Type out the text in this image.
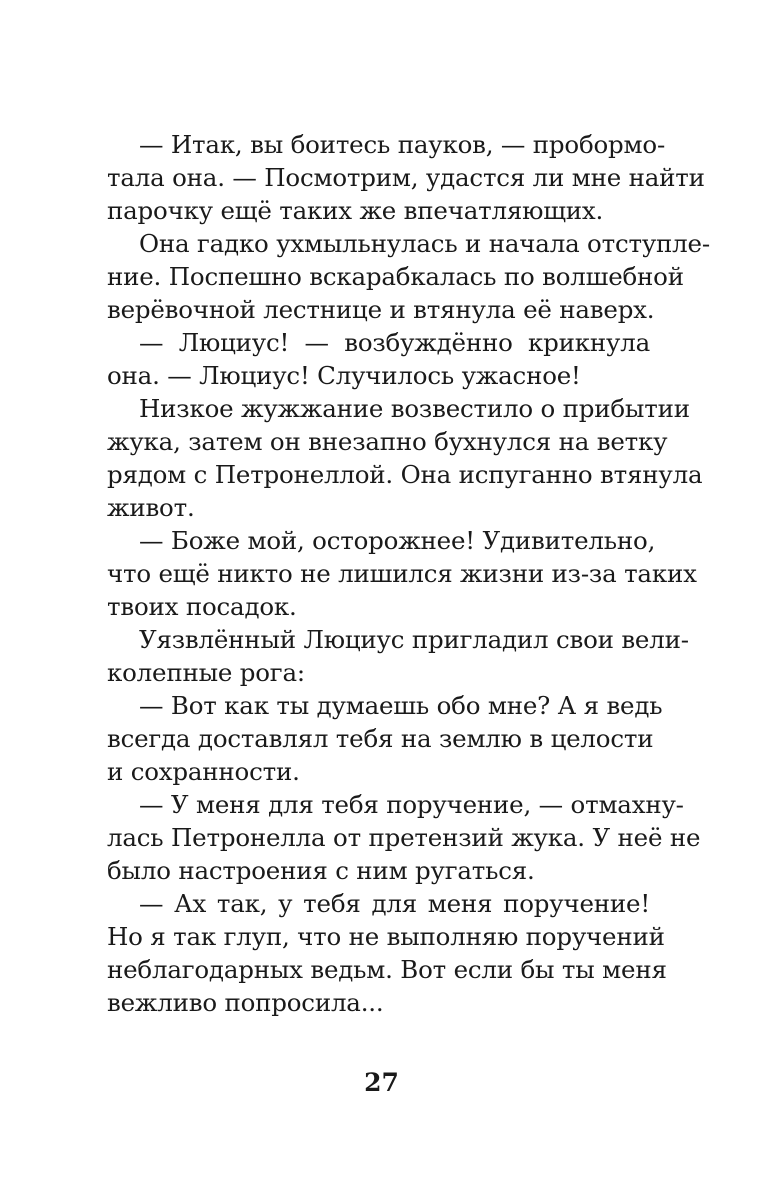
— Итак, вы боитесь пауков, — пробормо-
тала она. — Посмотрим, удастся ли мне найти
парочку ещё таких же впечатляющих.
Она гадко ухмыльнулась и начала отступле-
ние. Поспешно вскарабкалась по волшебной
верёвочной лестнице и втянула её наверх.
— Люциус! — возбуждённо крикнула
она. — Люциус! Случилось ужасное!
Низкое жужжание возвестило о прибытии
жука, затем он внезапно бухнулся на ветку
рядом с Петронеллой. Она испуганно втянула
живот.
— Боже мой, осторожнее! Удивительно,
что ещё никто не лишился жизни из-за таких
твоих посадок.
Уязвлённый Люциус пригладил свои вели-
колепные рога:
— Вот как ты думаешь обо мне? А я ведь
всегда доставлял тебя на землю в целости
и сохранности.
— У меня для тебя поручение, — отмахну-
лась Петронелла от претензий жука. У неё не
было настроения с ним ругаться.
— Ах так, у тебя для меня поручение!
Но я так глуп, что не выполняю поручений
неблагодарных ведьм. Вот если бы ты меня
вежливо попросила...
27
